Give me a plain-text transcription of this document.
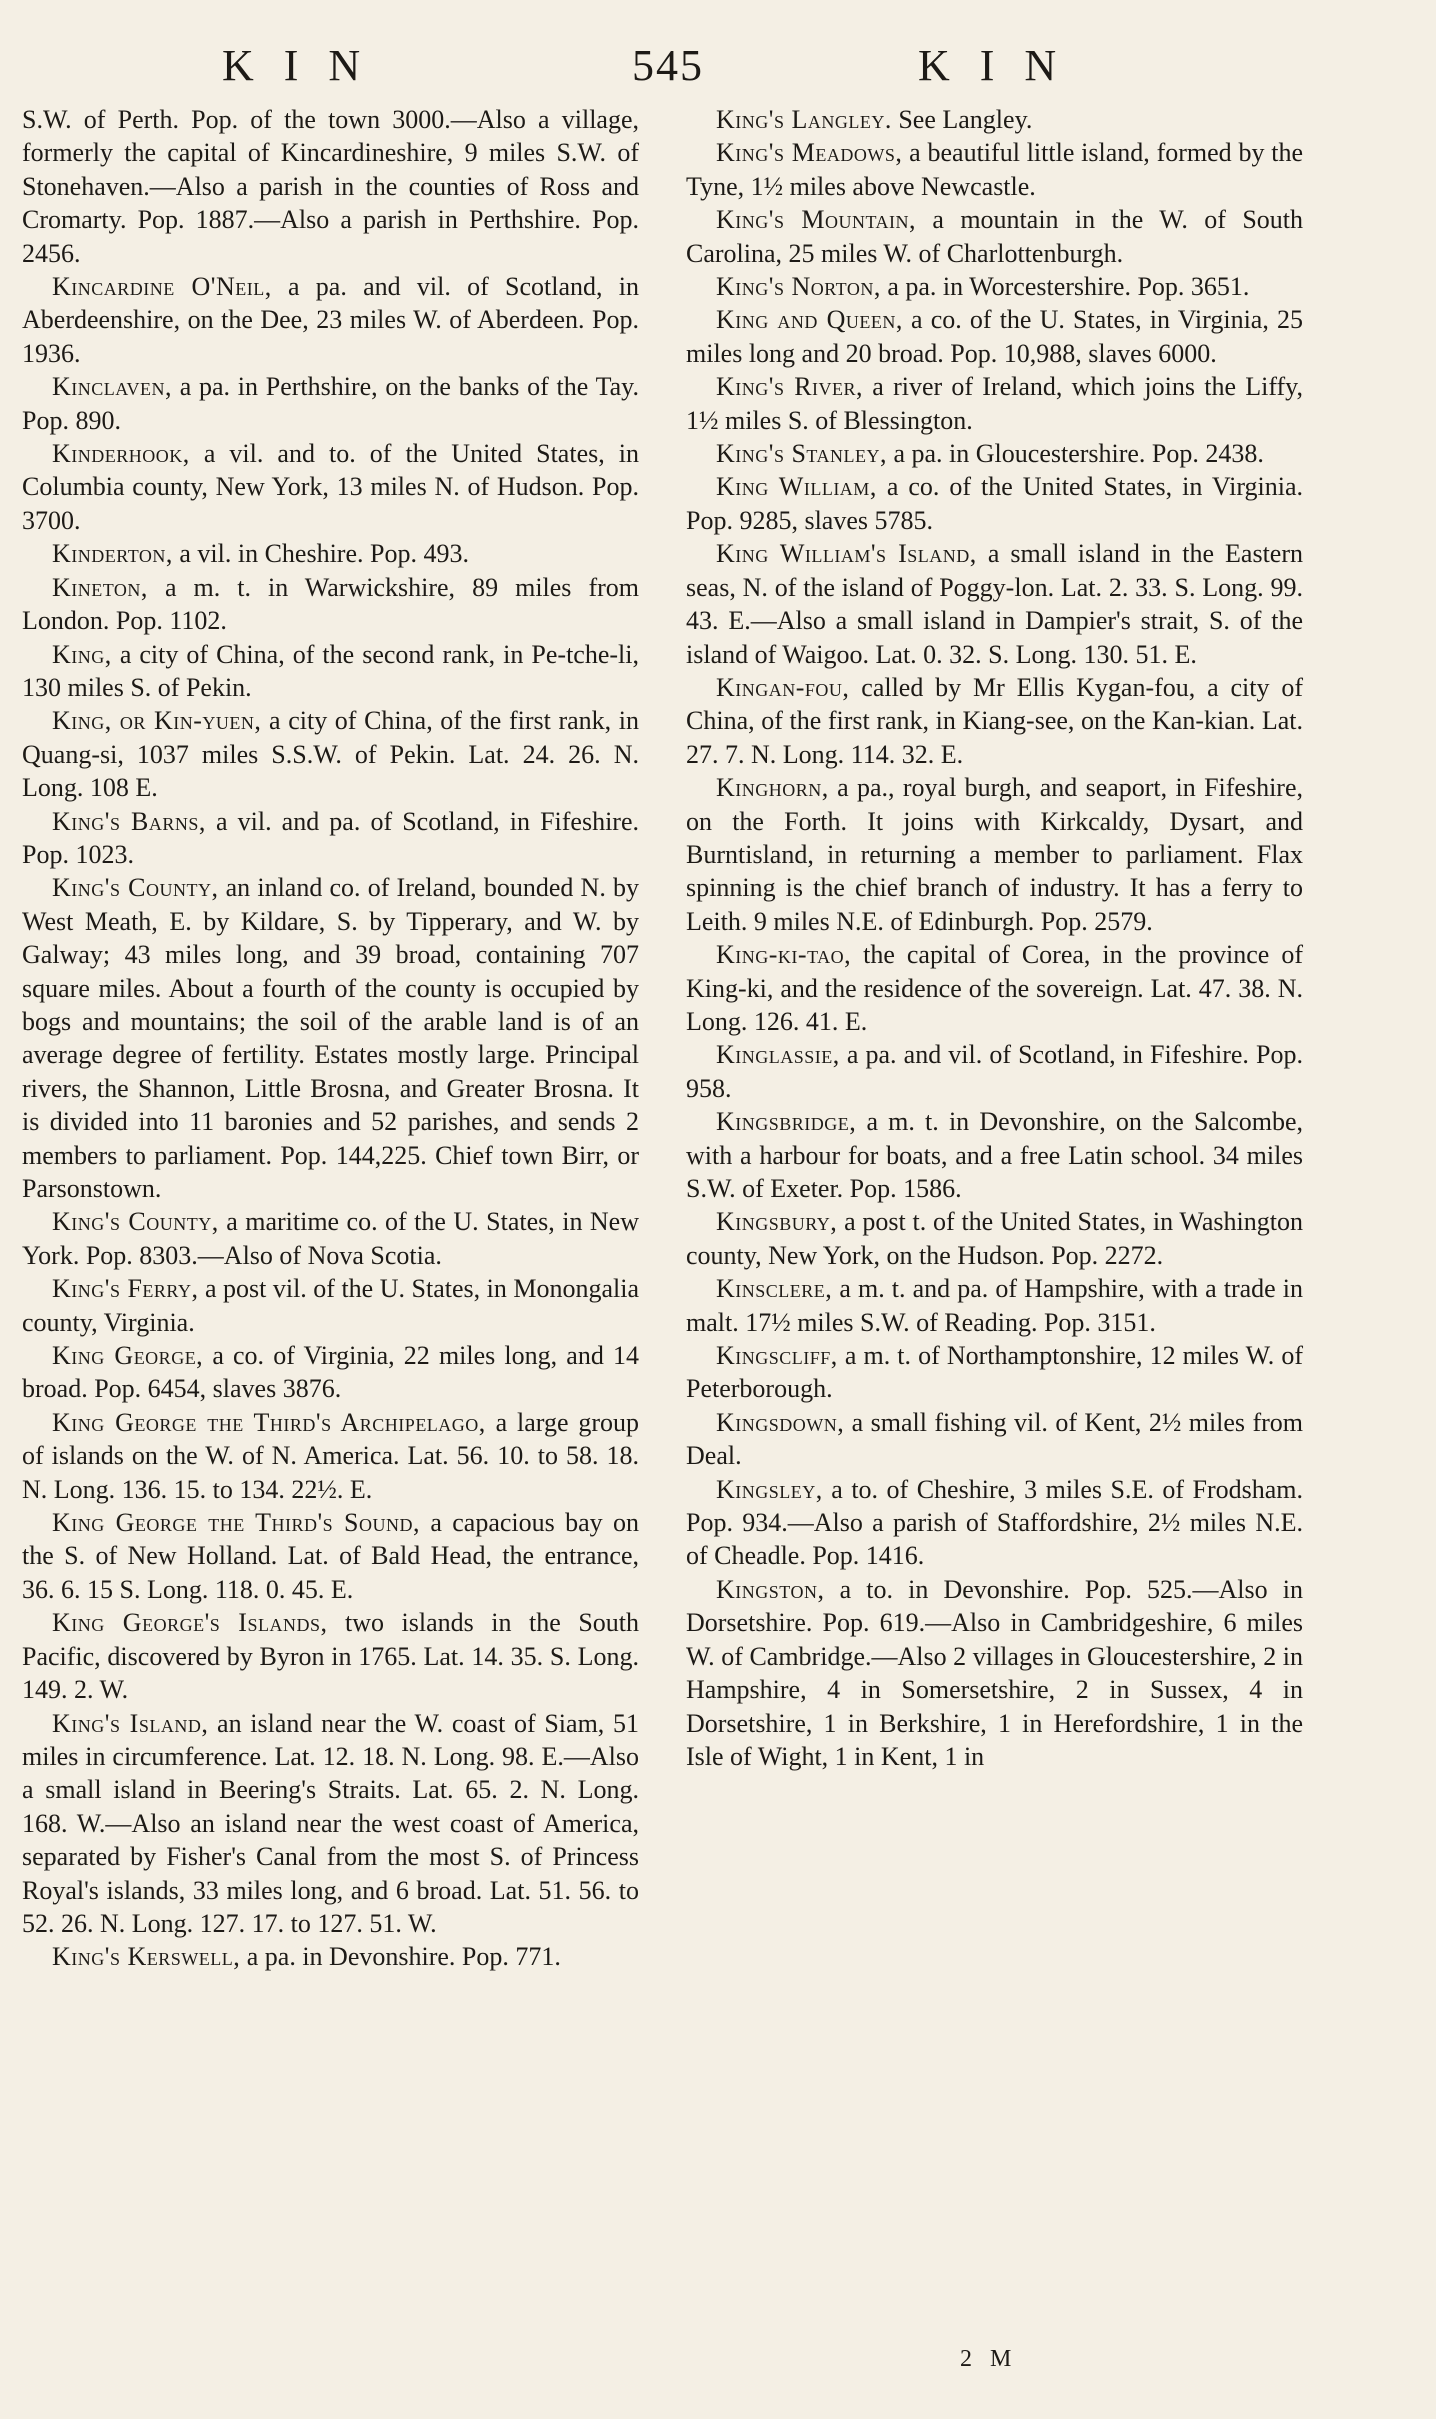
KIN	545	KIN

S.W. of Perth. Pop. of the town 3000.—Also a village, formerly the capital of Kincardineshire, 9 miles S.W. of Stonehaven.—Also a parish in the counties of Ross and Cromarty. Pop. 1887.—Also a parish in Perthshire. Pop. 2456.

Kincardine O'Neil, a pa. and vil. of Scotland, in Aberdeenshire, on the Dee, 23 miles W. of Aberdeen. Pop. 1936.

Kinclaven, a pa. in Perthshire, on the banks of the Tay. Pop. 890.

Kinderhook, a vil. and to. of the United States, in Columbia county, New York, 13 miles N. of Hudson. Pop. 3700.

Kinderton, a vil. in Cheshire. Pop. 493.

Kineton, a m. t. in Warwickshire, 89 miles from London. Pop. 1102.

King, a city of China, of the second rank, in Pe-tche-li, 130 miles S. of Pekin.

King, or Kin-yuen, a city of China, of the first rank, in Quang-si, 1037 miles S.S.W. of Pekin. Lat. 24. 26. N. Long. 108 E.

King's Barns, a vil. and pa. of Scotland, in Fifeshire. Pop. 1023.

King's County, an inland co. of Ireland, bounded N. by West Meath, E. by Kildare, S. by Tipperary, and W. by Galway; 43 miles long, and 39 broad, containing 707 square miles. About a fourth of the county is occupied by bogs and mountains; the soil of the arable land is of an average degree of fertility. Estates mostly large. Principal rivers, the Shannon, Little Brosna, and Greater Brosna. It is divided into 11 baronies and 52 parishes, and sends 2 members to parliament. Pop. 144,225. Chief town Birr, or Parsonstown.

King's County, a maritime co. of the U. States, in New York. Pop. 8303.—Also of Nova Scotia.

King's Ferry, a post vil. of the U. States, in Monongalia county, Virginia.

King George, a co. of Virginia, 22 miles long, and 14 broad. Pop. 6454, slaves 3876.

King George the Third's Archipelago, a large group of islands on the W. of N. America. Lat. 56. 10. to 58. 18. N. Long. 136. 15. to 134. 22½. E.

King George the Third's Sound, a capacious bay on the S. of New Holland. Lat. of Bald Head, the entrance, 36. 6. 15 S. Long. 118. 0. 45. E.

King George's Islands, two islands in the South Pacific, discovered by Byron in 1765. Lat. 14. 35. S. Long. 149. 2. W.

King's Island, an island near the W. coast of Siam, 51 miles in circumference. Lat. 12. 18. N. Long. 98. E.—Also a small island in Beering's Straits. Lat. 65. 2. N. Long. 168. W.—Also an island near the west coast of America, separated by Fisher's Canal from the most S. of Princess Royal's islands, 33 miles long, and 6 broad. Lat. 51. 56. to 52. 26. N. Long. 127. 17. to 127. 51. W.

King's Kerswell, a pa. in Devonshire. Pop. 771.

King's Langley. See Langley.

King's Meadows, a beautiful little island, formed by the Tyne, 1½ miles above Newcastle.

King's Mountain, a mountain in the W. of South Carolina, 25 miles W. of Charlottenburgh.

King's Norton, a pa. in Worcestershire. Pop. 3651.

King and Queen, a co. of the U. States, in Virginia, 25 miles long and 20 broad. Pop. 10,988, slaves 6000.

King's River, a river of Ireland, which joins the Liffy, 1½ miles S. of Blessington.

King's Stanley, a pa. in Gloucestershire. Pop. 2438.

King William, a co. of the United States, in Virginia. Pop. 9285, slaves 5785.

King William's Island, a small island in the Eastern seas, N. of the island of Poggy-lon. Lat. 2. 33. S. Long. 99. 43. E.—Also a small island in Dampier's strait, S. of the island of Waigoo. Lat. 0. 32. S. Long. 130. 51. E.

Kingan-fou, called by Mr Ellis Kygan-fou, a city of China, of the first rank, in Kiang-see, on the Kan-kian. Lat. 27. 7. N. Long. 114. 32. E.

Kinghorn, a pa., royal burgh, and seaport, in Fifeshire, on the Forth. It joins with Kirkcaldy, Dysart, and Burntisland, in returning a member to parliament. Flax spinning is the chief branch of industry. It has a ferry to Leith. 9 miles N.E. of Edinburgh. Pop. 2579.

King-ki-tao, the capital of Corea, in the province of King-ki, and the residence of the sovereign. Lat. 47. 38. N. Long. 126. 41. E.

Kinglassie, a pa. and vil. of Scotland, in Fifeshire. Pop. 958.

Kingsbridge, a m. t. in Devonshire, on the Salcombe, with a harbour for boats, and a free Latin school. 34 miles S.W. of Exeter. Pop. 1586.

Kingsbury, a post t. of the United States, in Washington county, New York, on the Hudson. Pop. 2272.

Kinsclere, a m. t. and pa. of Hampshire, with a trade in malt. 17½ miles S.W. of Reading. Pop. 3151.

Kingscliff, a m. t. of Northamptonshire, 12 miles W. of Peterborough.

Kingsdown, a small fishing vil. of Kent, 2½ miles from Deal.

Kingsley, a to. of Cheshire, 3 miles S.E. of Frodsham. Pop. 934.—Also a parish of Staffordshire, 2½ miles N.E. of Cheadle. Pop. 1416.

Kingston, a to. in Devonshire. Pop. 525.—Also in Dorsetshire. Pop. 619.—Also in Cambridgeshire, 6 miles W. of Cambridge.—Also 2 villages in Gloucestershire, 2 in Hampshire, 4 in Somersetshire, 2 in Sussex, 4 in Dorsetshire, 1 in Berkshire, 1 in Herefordshire, 1 in the Isle of Wight, 1 in Kent, 1 in

2 M
